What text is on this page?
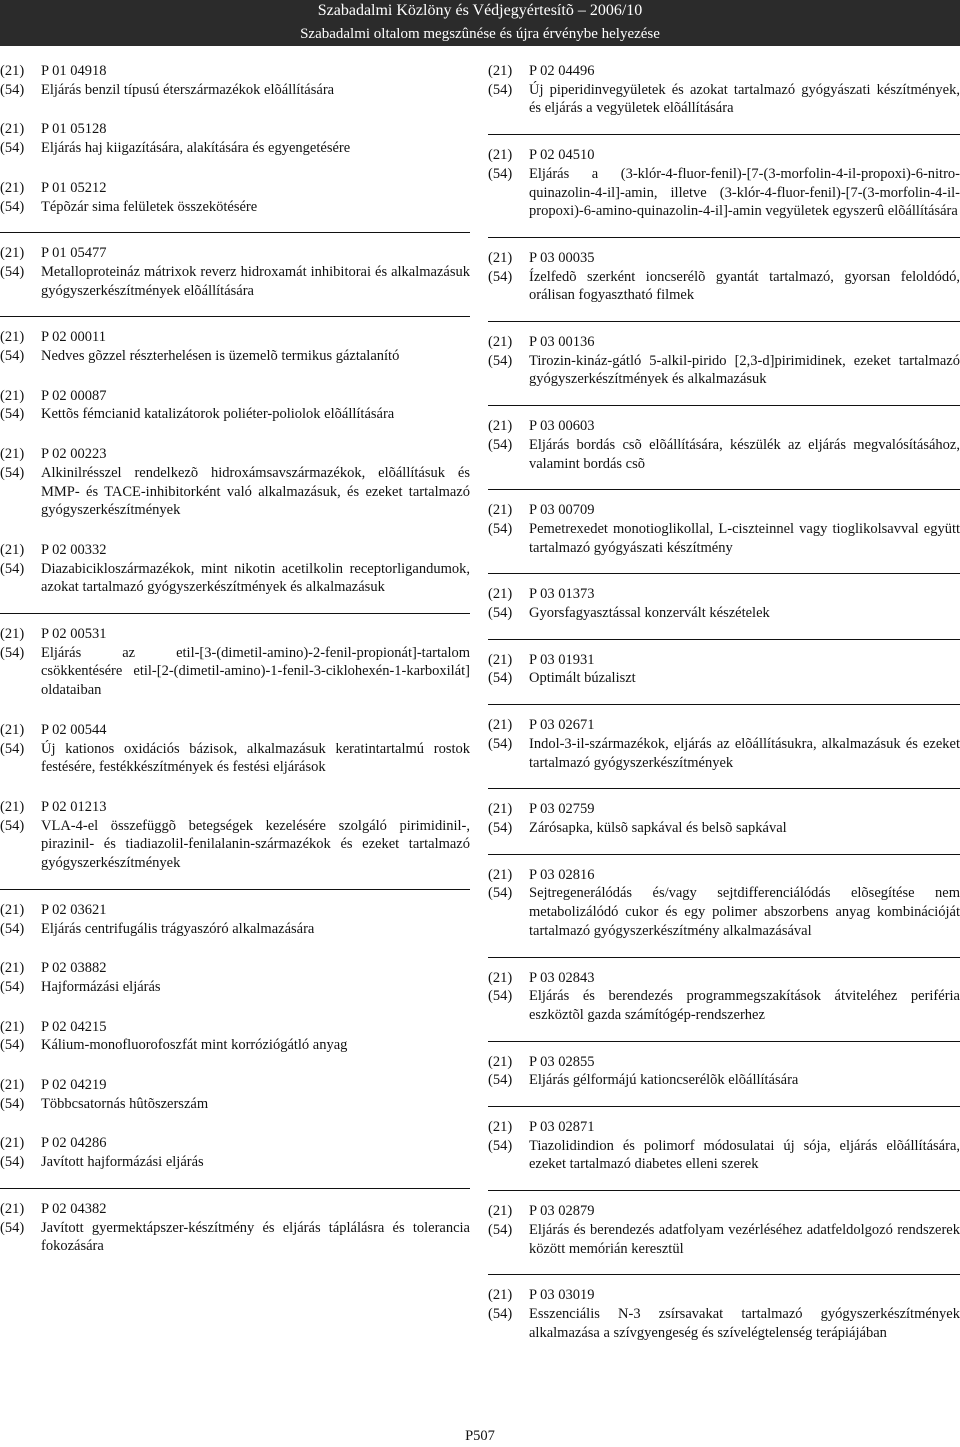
Szabadalmi Közlöny és Védjegyértesítõ – 2006/10
Szabadalmi oltalom megszûnése és újra érvénybe helyezése
(21)	P 01 04918
(54)	Eljárás benzil típusú éterszármazékok elõállítására
(21)	P 01 05128
(54)	Eljárás haj kiigazítására, alakítására és egyengetésére
(21)	P 01 05212
(54)	Tépõzár sima felületek összekötésére
(21)	P 01 05477
(54)	Metalloproteináz mátrixok reverz hidroxamát inhibitorai és alkalmazásuk gyógyszerkészítmények elõállítására
(21)	P 02 00011
(54)	Nedves gõzzel részterhelésen is üzemelõ termikus gáztalanító
(21)	P 02 00087
(54)	Kettõs fémcianid katalizátorok poliéter-poliolok elõállítására
(21)	P 02 00223
(54)	Alkinilrésszel rendelkezõ hidroxámsavszármazékok, elõállításuk és MMP- és TACE-inhibitorként való alkalmazásuk, és ezeket tartalmazó gyógyszerkészítmények
(21)	P 02 00332
(54)	Diazabicikloszármazékok, mint nikotin acetilkolin receptorligandumok, azokat tartalmazó gyógyszerkészítmények és alkalmazásuk
(21)	P 02 00531
(54)	Eljárás az etil-[3-(dimetil-amino)-2-fenil-propionát]-tartalom csökkentésére etil-[2-(dimetil-amino)-1-fenil-3-ciklohexén-1-karboxilát] oldataiban
(21)	P 02 00544
(54)	Új kationos oxidációs bázisok, alkalmazásuk keratintartalmú rostok festésére, festékkészítmények és festési eljárások
(21)	P 02 01213
(54)	VLA-4-el összefüggõ betegségek kezelésére szolgáló pirimidinil-, pirazinil- és tiadiazolil-fenilalanin-származékok és ezeket tartalmazó gyógyszerkészítmények
(21)	P 02 03621
(54)	Eljárás centrifugális trágyaszóró alkalmazására
(21)	P 02 03882
(54)	Hajformázási eljárás
(21)	P 02 04215
(54)	Kálium-monofluorofoszfát mint korróziógátló anyag
(21)	P 02 04219
(54)	Többcsatornás hûtõszerszám
(21)	P 02 04286
(54)	Javított hajformázási eljárás
(21)	P 02 04382
(54)	Javított gyermektápszer-készítmény és eljárás táplálásra és tolerancia fokozására
(21)	P 02 04496
(54)	Új piperidinvegyületek és azokat tartalmazó gyógyászati készítmények, és eljárás a vegyületek elõállítására
(21)	P 02 04510
(54)	Eljárás a (3-klór-4-fluor-fenil)-[7-(3-morfolin-4-il-propoxi)-6-nitro-quinazolin-4-il]-amin, illetve (3-klór-4-fluor-fenil)-[7-(3-morfolin-4-il-propoxi)-6-amino-quinazolin-4-il]-amin vegyületek egyszerû elõállítására
(21)	P 03 00035
(54)	Ízelfedõ szerként ioncserélõ gyantát tartalmazó, gyorsan feloldódó, orálisan fogyasztható filmek
(21)	P 03 00136
(54)	Tirozin-kináz-gátló 5-alkil-pirido [2,3-d]pirimidinek, ezeket tartalmazó gyógyszerkészítmények és alkalmazásuk
(21)	P 03 00603
(54)	Eljárás bordás csõ elõállítására, készülék az eljárás megvalósításához, valamint bordás csõ
(21)	P 03 00709
(54)	Pemetrexedet monotioglikollal, L-ciszteinnel vagy tioglikolsavval együtt tartalmazó gyógyászati készítmény
(21)	P 03 01373
(54)	Gyorsfagyasztással konzervált készételek
(21)	P 03 01931
(54)	Optimált búzaliszt
(21)	P 03 02671
(54)	Indol-3-il-származékok, eljárás az elõállításukra, alkalmazásuk és ezeket tartalmazó gyógyszerkészítmények
(21)	P 03 02759
(54)	Zárósapka, külsõ sapkával és belsõ sapkával
(21)	P 03 02816
(54)	Sejtregenerálódás és/vagy sejtdifferenciálódás elõsegítése nem metabolizálódó cukor és egy polimer abszorbens anyag kombinációját tartalmazó gyógyszerkészítmény alkalmazásával
(21)	P 03 02843
(54)	Eljárás és berendezés programmegszakítások átviteléhez periféria eszköztõl gazda számítógép-rendszerhez
(21)	P 03 02855
(54)	Eljárás gélformájú kationcserélõk elõállítására
(21)	P 03 02871
(54)	Tiazolidindion és polimorf módosulatai új sója, eljárás elõállítására, ezeket tartalmazó diabetes elleni szerek
(21)	P 03 02879
(54)	Eljárás és berendezés adatfolyam vezérléséhez adatfeldolgozó rendszerek között memórián keresztül
(21)	P 03 03019
(54)	Esszenciális N-3 zsírsavakat tartalmazó gyógyszerkészítmények alkalmazása a szívgyengeség és szívelégtelenség terápiájában
P507
